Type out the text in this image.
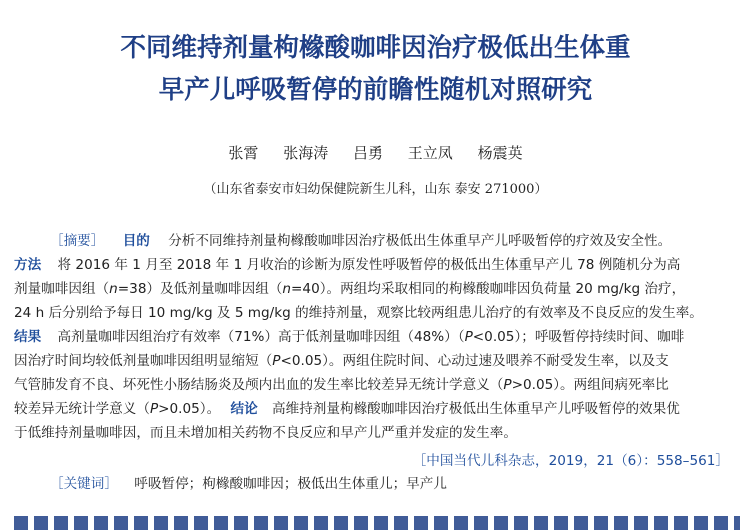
不同维持剂量枸橼酸咖啡因治疗极低出生体重
早产儿呼吸暂停的前瞻性随机对照研究
张霄 张海涛 吕勇 王立凤 杨震英
（山东省泰安市妇幼保健院新生儿科，山东 泰安 271000）
［摘要］ 目的 分析不同维持剂量枸橼酸咖啡因治疗极低出生体重早产儿呼吸暂停的疗效及安全性。
方法 将 2016 年 1 月至 2018 年 1 月收治的诊断为原发性呼吸暂停的极低出生体重早产儿 78 例随机分为高
剂量咖啡因组（n=38）及低剂量咖啡因组（n=40）。两组均采取相同的枸橼酸咖啡因负荷量 20 mg/kg 治疗，
24 h 后分别给予每日 10 mg/kg 及 5 mg/kg 的维持剂量，观察比较两组患儿治疗的有效率及不良反应的发生率。
结果 高剂量咖啡因组治疗有效率（71%）高于低剂量咖啡因组（48%）（P<0.05）；呼吸暂停持续时间、咖啡
因治疗时间均较低剂量咖啡因组明显缩短（P<0.05）。两组住院时间、心动过速及喂养不耐受发生率，以及支
气管肺发育不良、坏死性小肠结肠炎及颅内出血的发生率比较差异无统计学意义（P>0.05）。两组间病死率比
较差异无统计学意义（P>0.05）。 结论 高维持剂量枸橼酸咖啡因治疗极低出生体重早产儿呼吸暂停的效果优
于低维持剂量咖啡因，而且未增加相关药物不良反应和早产儿严重并发症的发生率。
［中国当代儿科杂志，2019，21（6）：558–561］
［关键词］ 呼吸暂停；枸橼酸咖啡因；极低出生体重儿；早产儿
